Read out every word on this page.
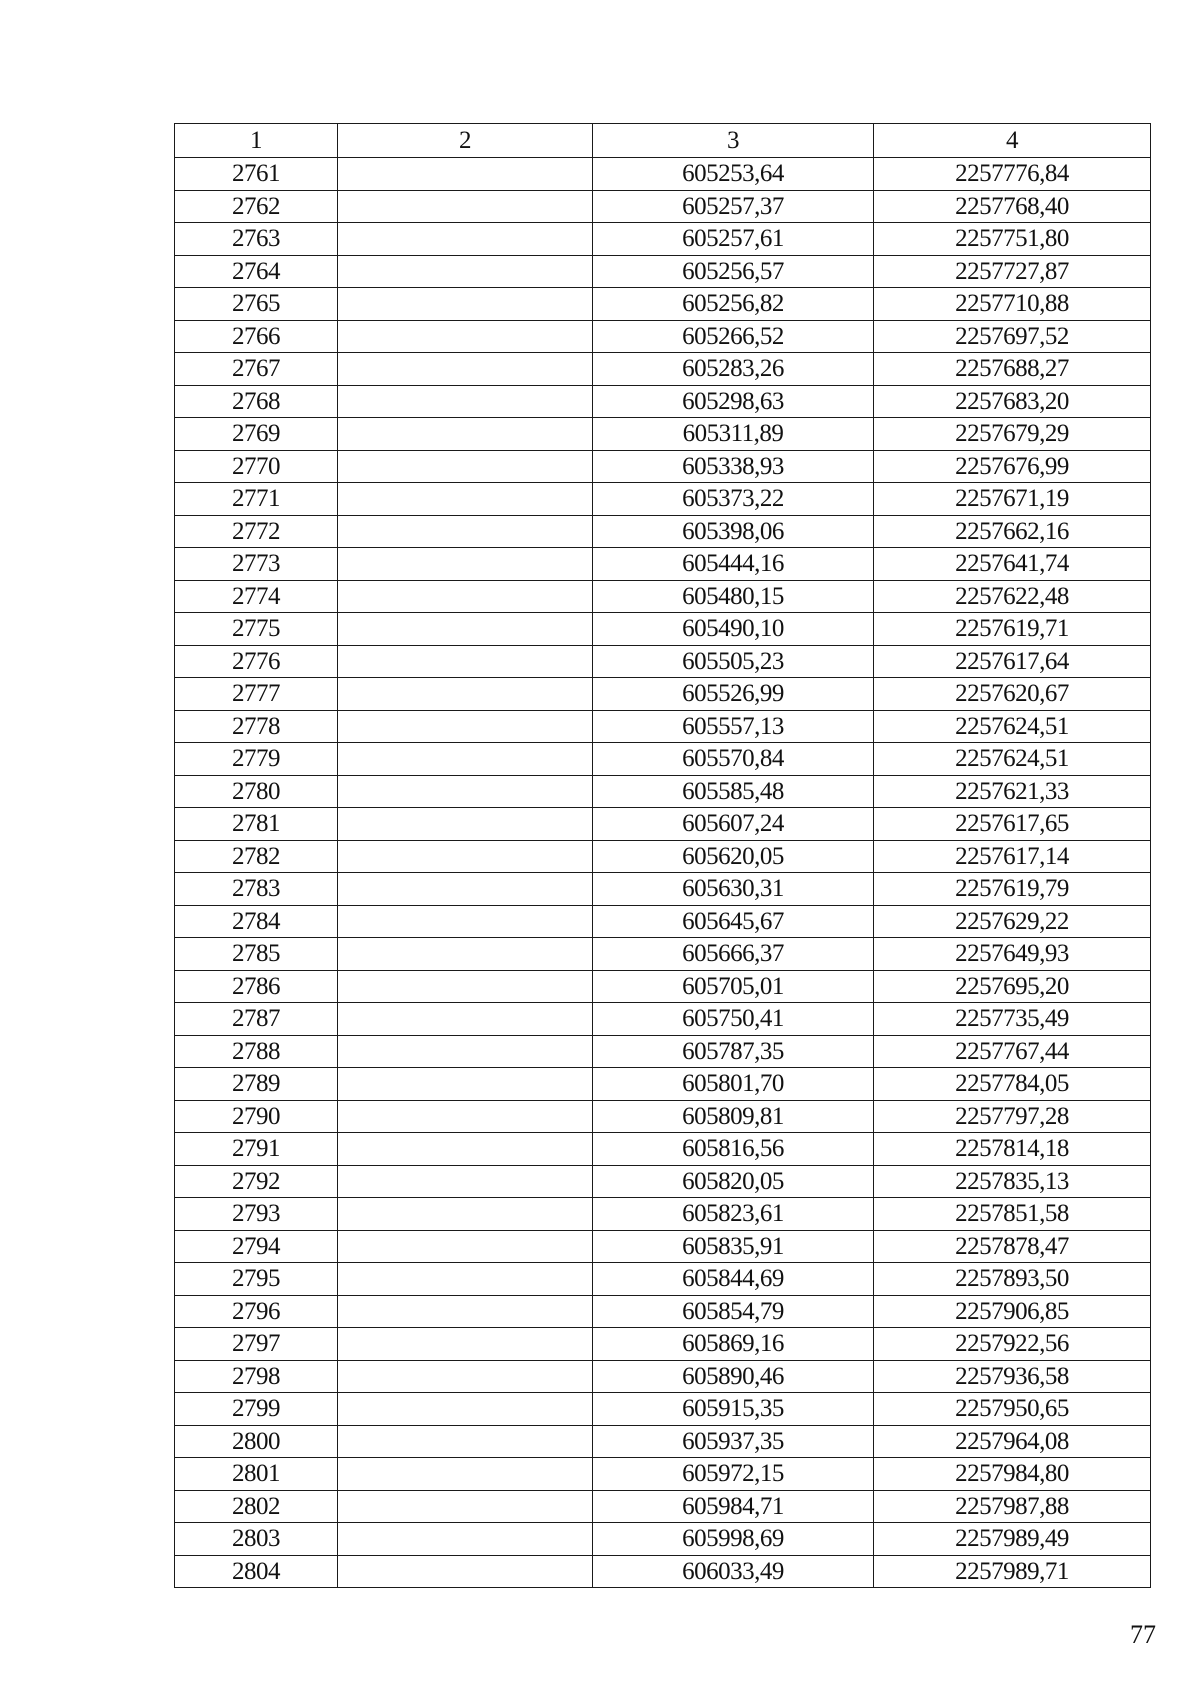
1	2	3	4
2761		605253,64	2257776,84
2762		605257,37	2257768,40
2763		605257,61	2257751,80
2764		605256,57	2257727,87
2765		605256,82	2257710,88
2766		605266,52	2257697,52
2767		605283,26	2257688,27
2768		605298,63	2257683,20
2769		605311,89	2257679,29
2770		605338,93	2257676,99
2771		605373,22	2257671,19
2772		605398,06	2257662,16
2773		605444,16	2257641,74
2774		605480,15	2257622,48
2775		605490,10	2257619,71
2776		605505,23	2257617,64
2777		605526,99	2257620,67
2778		605557,13	2257624,51
2779		605570,84	2257624,51
2780		605585,48	2257621,33
2781		605607,24	2257617,65
2782		605620,05	2257617,14
2783		605630,31	2257619,79
2784		605645,67	2257629,22
2785		605666,37	2257649,93
2786		605705,01	2257695,20
2787		605750,41	2257735,49
2788		605787,35	2257767,44
2789		605801,70	2257784,05
2790		605809,81	2257797,28
2791		605816,56	2257814,18
2792		605820,05	2257835,13
2793		605823,61	2257851,58
2794		605835,91	2257878,47
2795		605844,69	2257893,50
2796		605854,79	2257906,85
2797		605869,16	2257922,56
2798		605890,46	2257936,58
2799		605915,35	2257950,65
2800		605937,35	2257964,08
2801		605972,15	2257984,80
2802		605984,71	2257987,88
2803		605998,69	2257989,49
2804		606033,49	2257989,71
77
